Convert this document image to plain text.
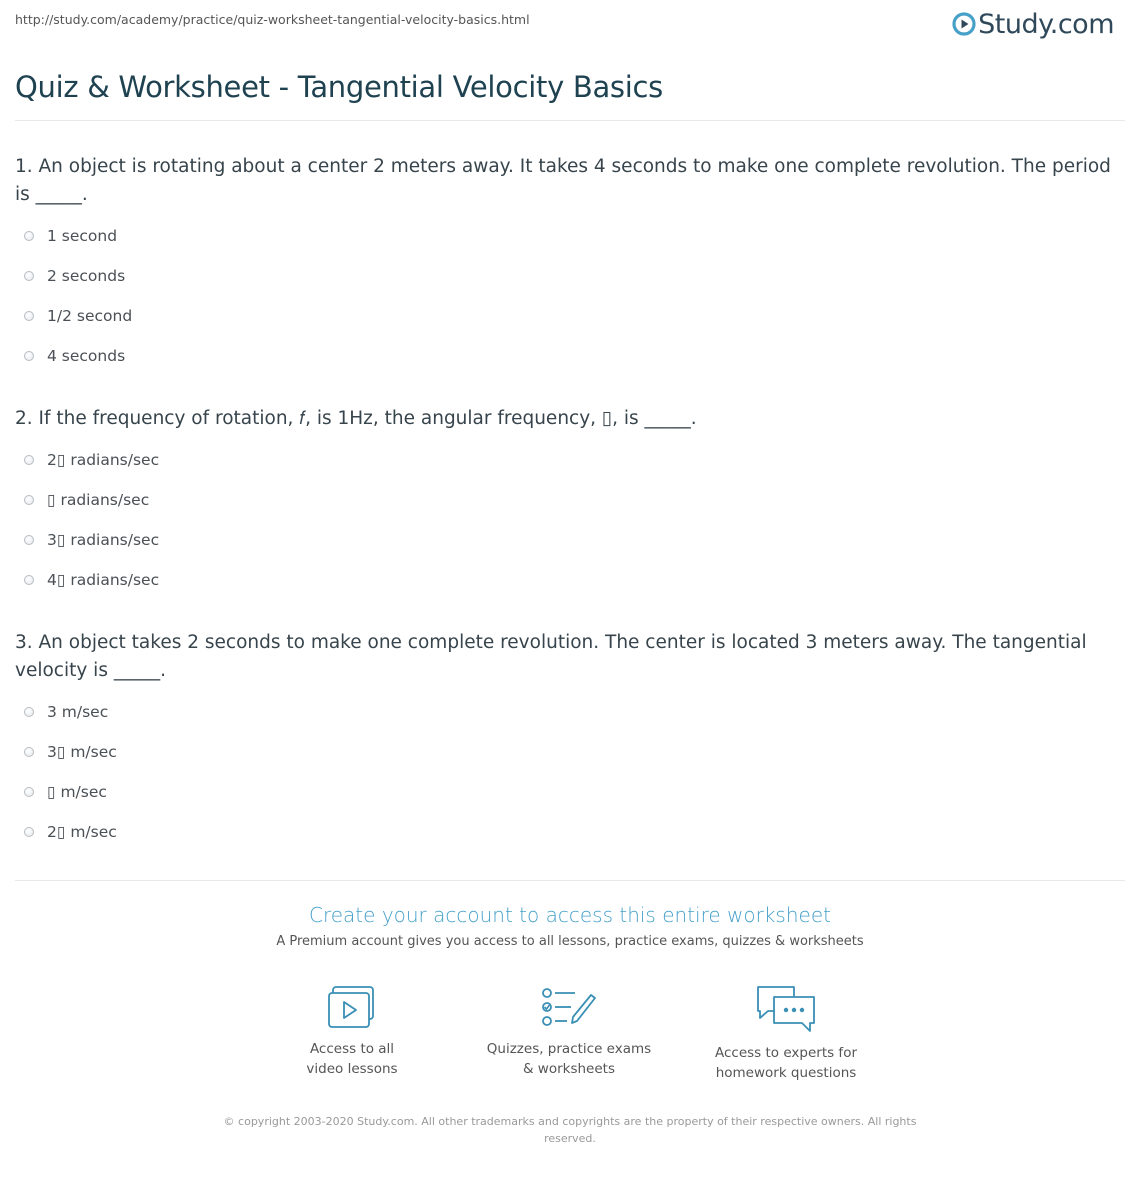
http://study.com/academy/practice/quiz-worksheet-tangential-velocity-basics.html	Study.com
Quiz & Worksheet - Tangential Velocity Basics
1. An object is rotating about a center 2 meters away. It takes 4 seconds to make one complete revolution. The period is _____.
1 second
2 seconds
1/2 second
4 seconds
2. If the frequency of rotation, 𝑓, is 1Hz, the angular frequency, ▯, is _____.
2▯ radians/sec
▯ radians/sec
3▯ radians/sec
4▯ radians/sec
3. An object takes 2 seconds to make one complete revolution. The center is located 3 meters away. The tangential velocity is _____.
3 m/sec
3▯ m/sec
▯ m/sec
2▯ m/sec
Create your account to access this entire worksheet
A Premium account gives you access to all lessons, practice exams, quizzes & worksheets
Access to all
video lessons
Quizzes, practice exams
& worksheets
Access to experts for
homework questions
© copyright 2003-2020 Study.com. All other trademarks and copyrights are the property of their respective owners. All rights reserved.
